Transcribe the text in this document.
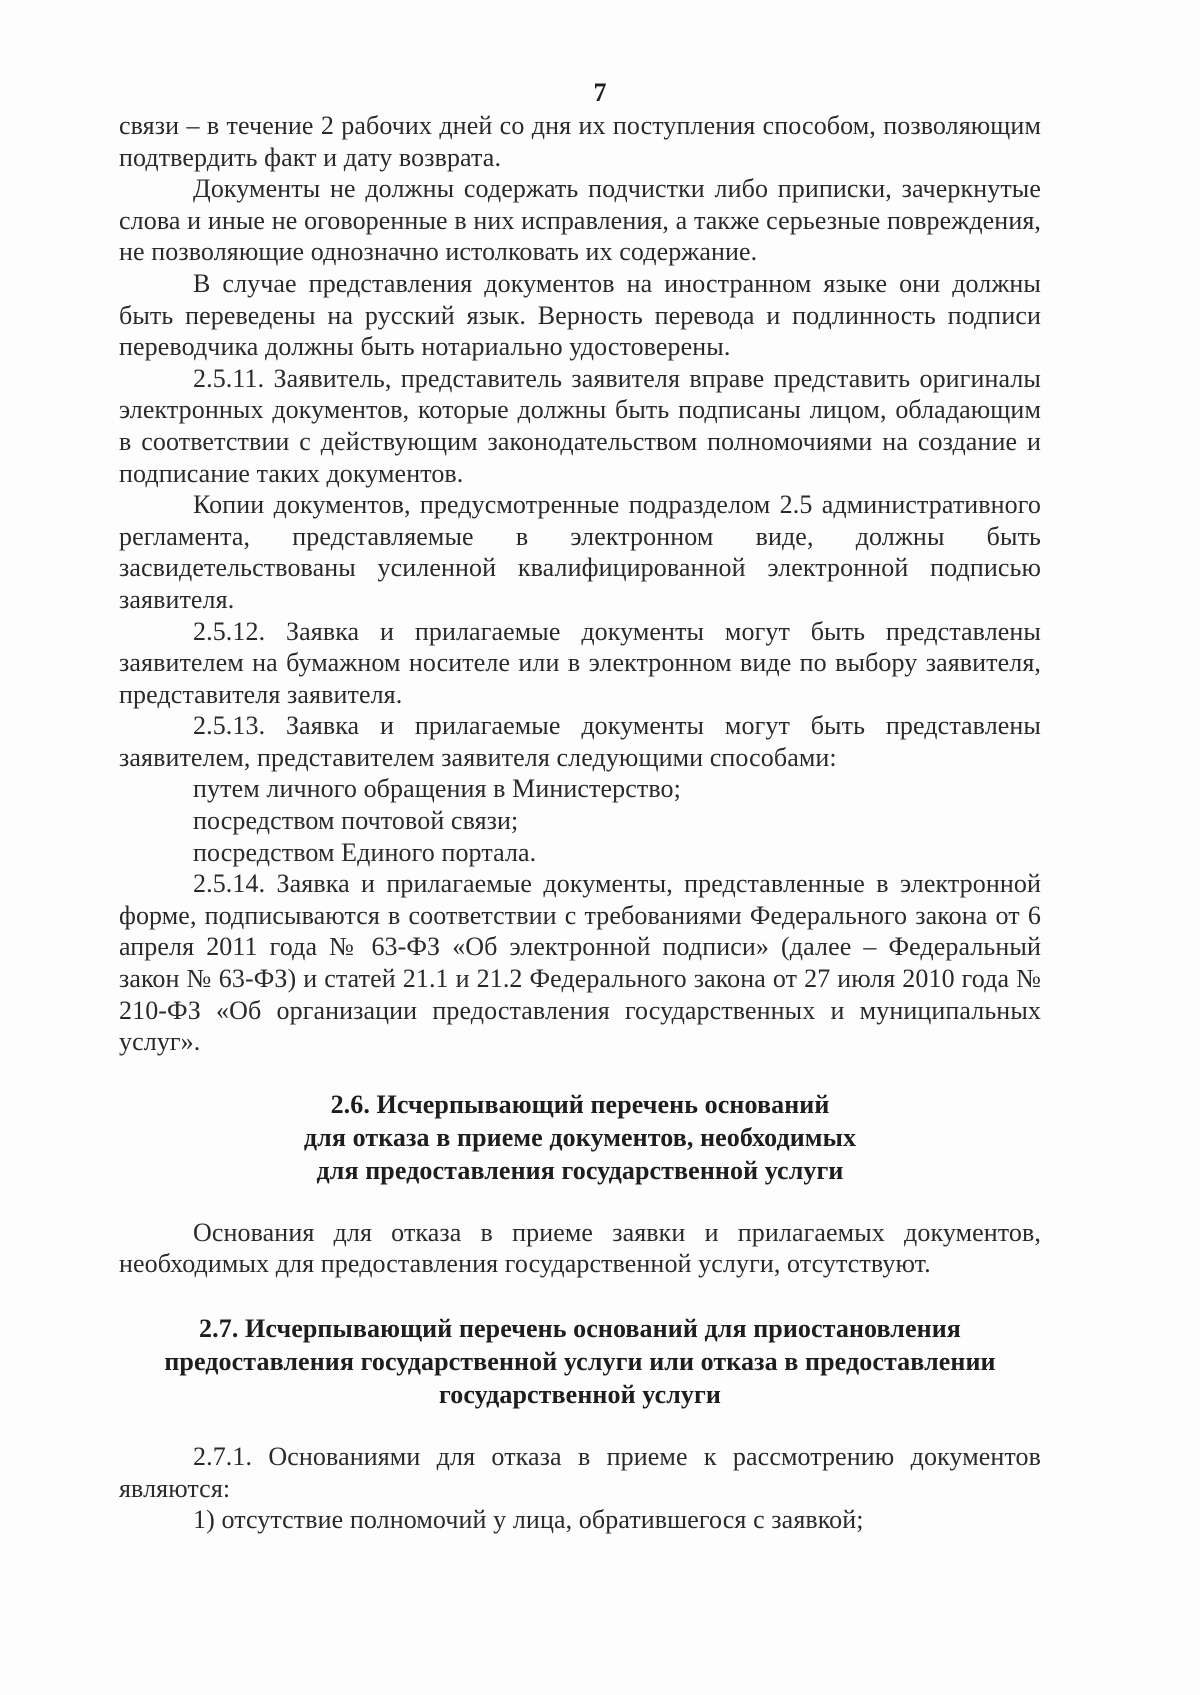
7

связи – в течение 2 рабочих дней со дня их поступления способом, позволяющим подтвердить факт и дату возврата.

Документы не должны содержать подчистки либо приписки, зачеркнутые слова и иные не оговоренные в них исправления, а также серьезные повреждения, не позволяющие однозначно истолковать их содержание.

В случае представления документов на иностранном языке они должны быть переведены на русский язык. Верность перевода и подлинность подписи переводчика должны быть нотариально удостоверены.

2.5.11. Заявитель, представитель заявителя вправе представить оригиналы электронных документов, которые должны быть подписаны лицом, обладающим в соответствии с действующим законодательством полномочиями на создание и подписание таких документов.

Копии документов, предусмотренные подразделом 2.5 административного регламента, представляемые в электронном виде, должны быть засвидетельствованы усиленной квалифицированной электронной подписью заявителя.

2.5.12. Заявка и прилагаемые документы могут быть представлены заявителем на бумажном носителе или в электронном виде по выбору заявителя, представителя заявителя.

2.5.13. Заявка и прилагаемые документы могут быть представлены заявителем, представителем заявителя следующими способами:

путем личного обращения в Министерство;

посредством почтовой связи;

посредством Единого портала.

2.5.14. Заявка и прилагаемые документы, представленные в электронной форме, подписываются в соответствии с требованиями Федерального закона от 6 апреля 2011 года № 63-ФЗ «Об электронной подписи» (далее – Федеральный закон № 63-ФЗ) и статей 21.1 и 21.2 Федерального закона от 27 июля 2010 года № 210-ФЗ «Об организации предоставления государственных и муниципальных услуг».

2.6. Исчерпывающий перечень оснований
для отказа в приеме документов, необходимых
для предоставления государственной услуги

Основания для отказа в приеме заявки и прилагаемых документов, необходимых для предоставления государственной услуги, отсутствуют.

2.7. Исчерпывающий перечень оснований для приостановления
предоставления государственной услуги или отказа в предоставлении
государственной услуги

2.7.1. Основаниями для отказа в приеме к рассмотрению документов являются:

1) отсутствие полномочий у лица, обратившегося с заявкой;
